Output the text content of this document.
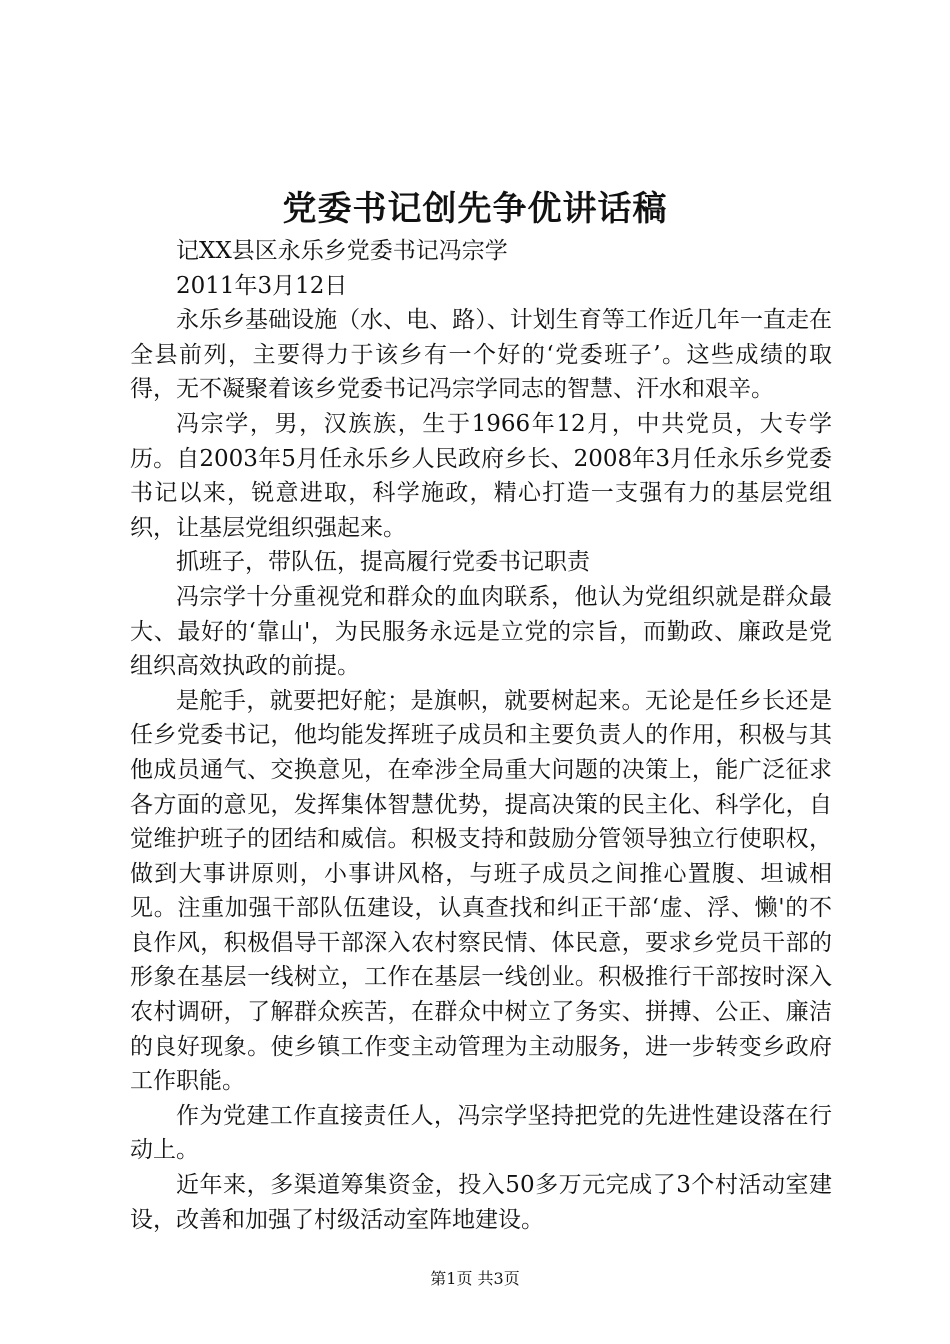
党委书记创先争优讲话稿

记XX县区永乐乡党委书记冯宗学

2011年3月12日

永乐乡基础设施（水、电、路）、计划生育等工作近几年一直走在全县前列，主要得力于该乡有一个好的‘党委班子’。这些成绩的取得，无不凝聚着该乡党委书记冯宗学同志的智慧、汗水和艰辛。

冯宗学，男，汉族族，生于1966年12月，中共党员，大专学历。自2003年5月任永乐乡人民政府乡长、2008年3月任永乐乡党委书记以来，锐意进取，科学施政，精心打造一支强有力的基层党组织，让基层党组织强起来。

抓班子，带队伍，提高履行党委书记职责

冯宗学十分重视党和群众的血肉联系，他认为党组织就是群众最大、最好的‘靠山'，为民服务永远是立党的宗旨，而勤政、廉政是党组织高效执政的前提。

是舵手，就要把好舵；是旗帜，就要树起来。无论是任乡长还是任乡党委书记，他均能发挥班子成员和主要负责人的作用，积极与其他成员通气、交换意见，在牵涉全局重大问题的决策上，能广泛征求各方面的意见，发挥集体智慧优势，提高决策的民主化、科学化，自觉维护班子的团结和威信。积极支持和鼓励分管领导独立行使职权，做到大事讲原则，小事讲风格，与班子成员之间推心置腹、坦诚相见。注重加强干部队伍建设，认真查找和纠正干部‘虚、浮、懒'的不良作风，积极倡导干部深入农村察民情、体民意，要求乡党员干部的形象在基层一线树立，工作在基层一线创业。积极推行干部按时深入农村调研，了解群众疾苦，在群众中树立了务实、拼搏、公正、廉洁的良好现象。使乡镇工作变主动管理为主动服务，进一步转变乡政府工作职能。

作为党建工作直接责任人，冯宗学坚持把党的先进性建设落在行动上。

近年来，多渠道筹集资金，投入50多万元完成了3个村活动室建设，改善和加强了村级活动室阵地建设。

第1页 共3页
